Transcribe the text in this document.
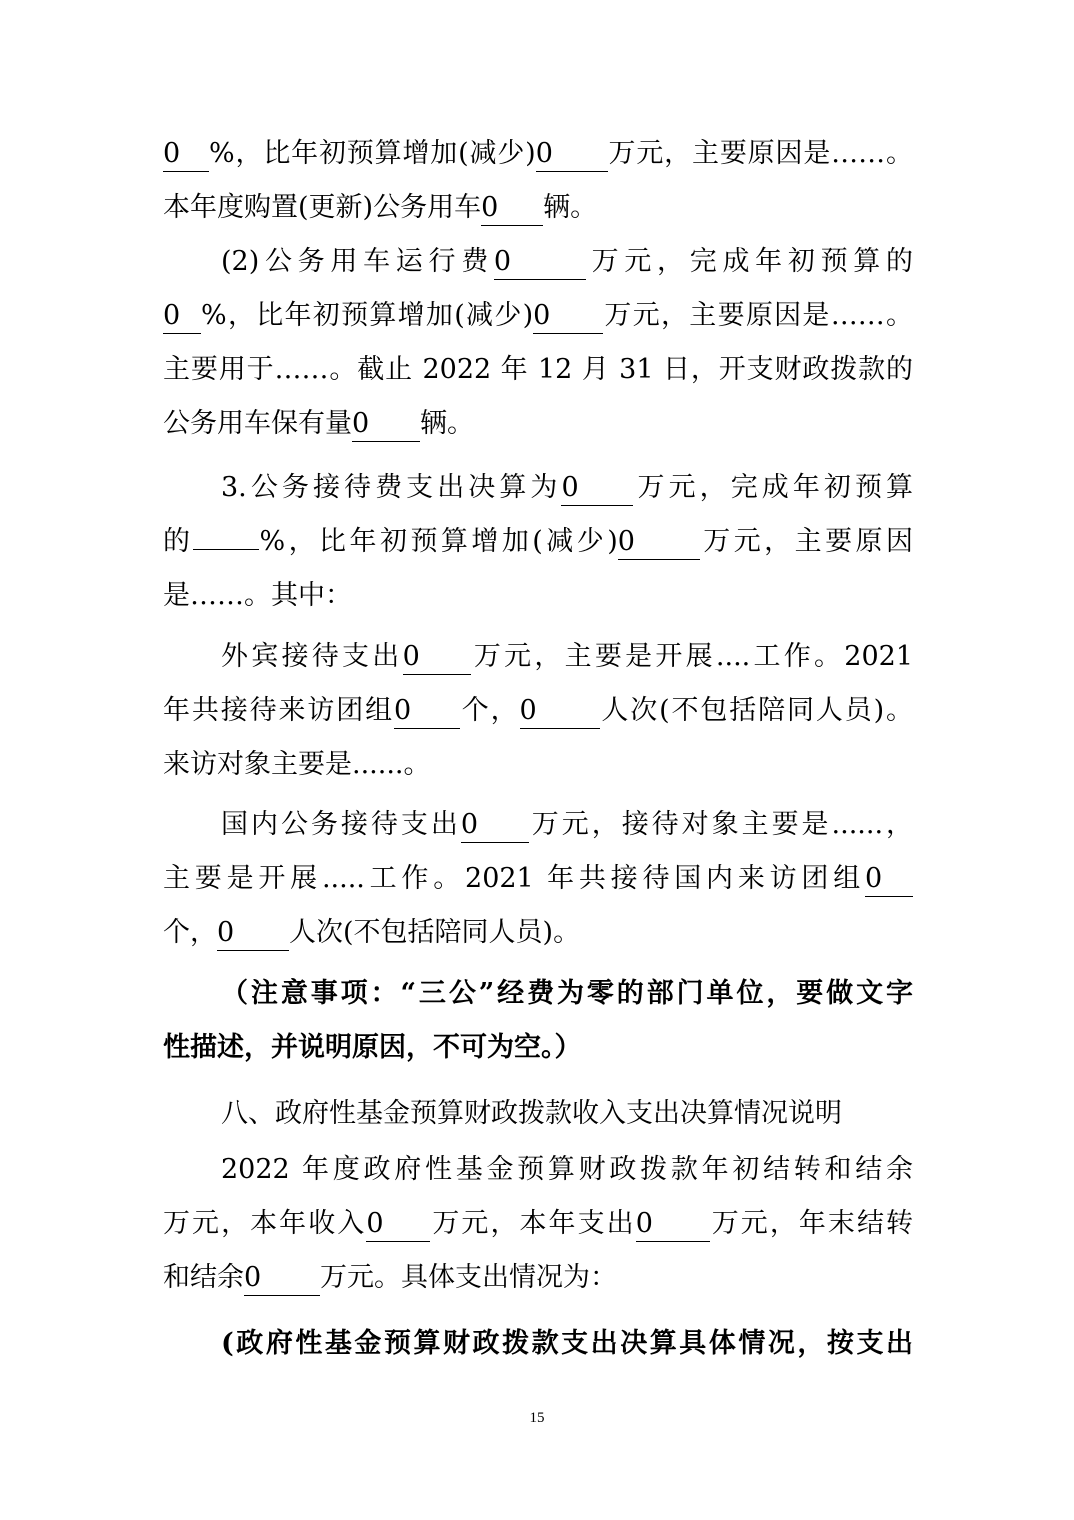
0 %，比年初预算增加(减少)0 万元，主要原因是……。
本年度购置(更新)公务用车0 辆。
(2)公务用车运行费0	万元，完成年初预算的
0 %，比年初预算增加(减少)0 万元，主要原因是……。
主要用于……。截止 2022 年 12 月 31 日，开支财政拨款的
公务用车保有量0 辆。
3.公务接待费支出决算为0 万元，完成年初预算
的 %，比年初预算增加(减少)0 万元，主要原因
是……。其中：
外宾接待支出0 万元，主要是开展....工作。2021
年共接待来访团组0 个，0 人次(不包括陪同人员)。
来访对象主要是......。
国内公务接待支出0 万元，接待对象主要是......，
主要是开展.....工作。2021 年共接待国内来访团组0
个，0 人次(不包括陪同人员)。
（注意事项：“三公”经费为零的部门单位，要做文字
性描述，并说明原因，不可为空。）
八、政府性基金预算财政拨款收入支出决算情况说明
2022 年度政府性基金预算财政拨款年初结转和结余
万元，本年收入0 万元，本年支出0 万元，年末结转
和结余0 万元。具体支出情况为：
(政府性基金预算财政拨款支出决算具体情况，按支出
15
